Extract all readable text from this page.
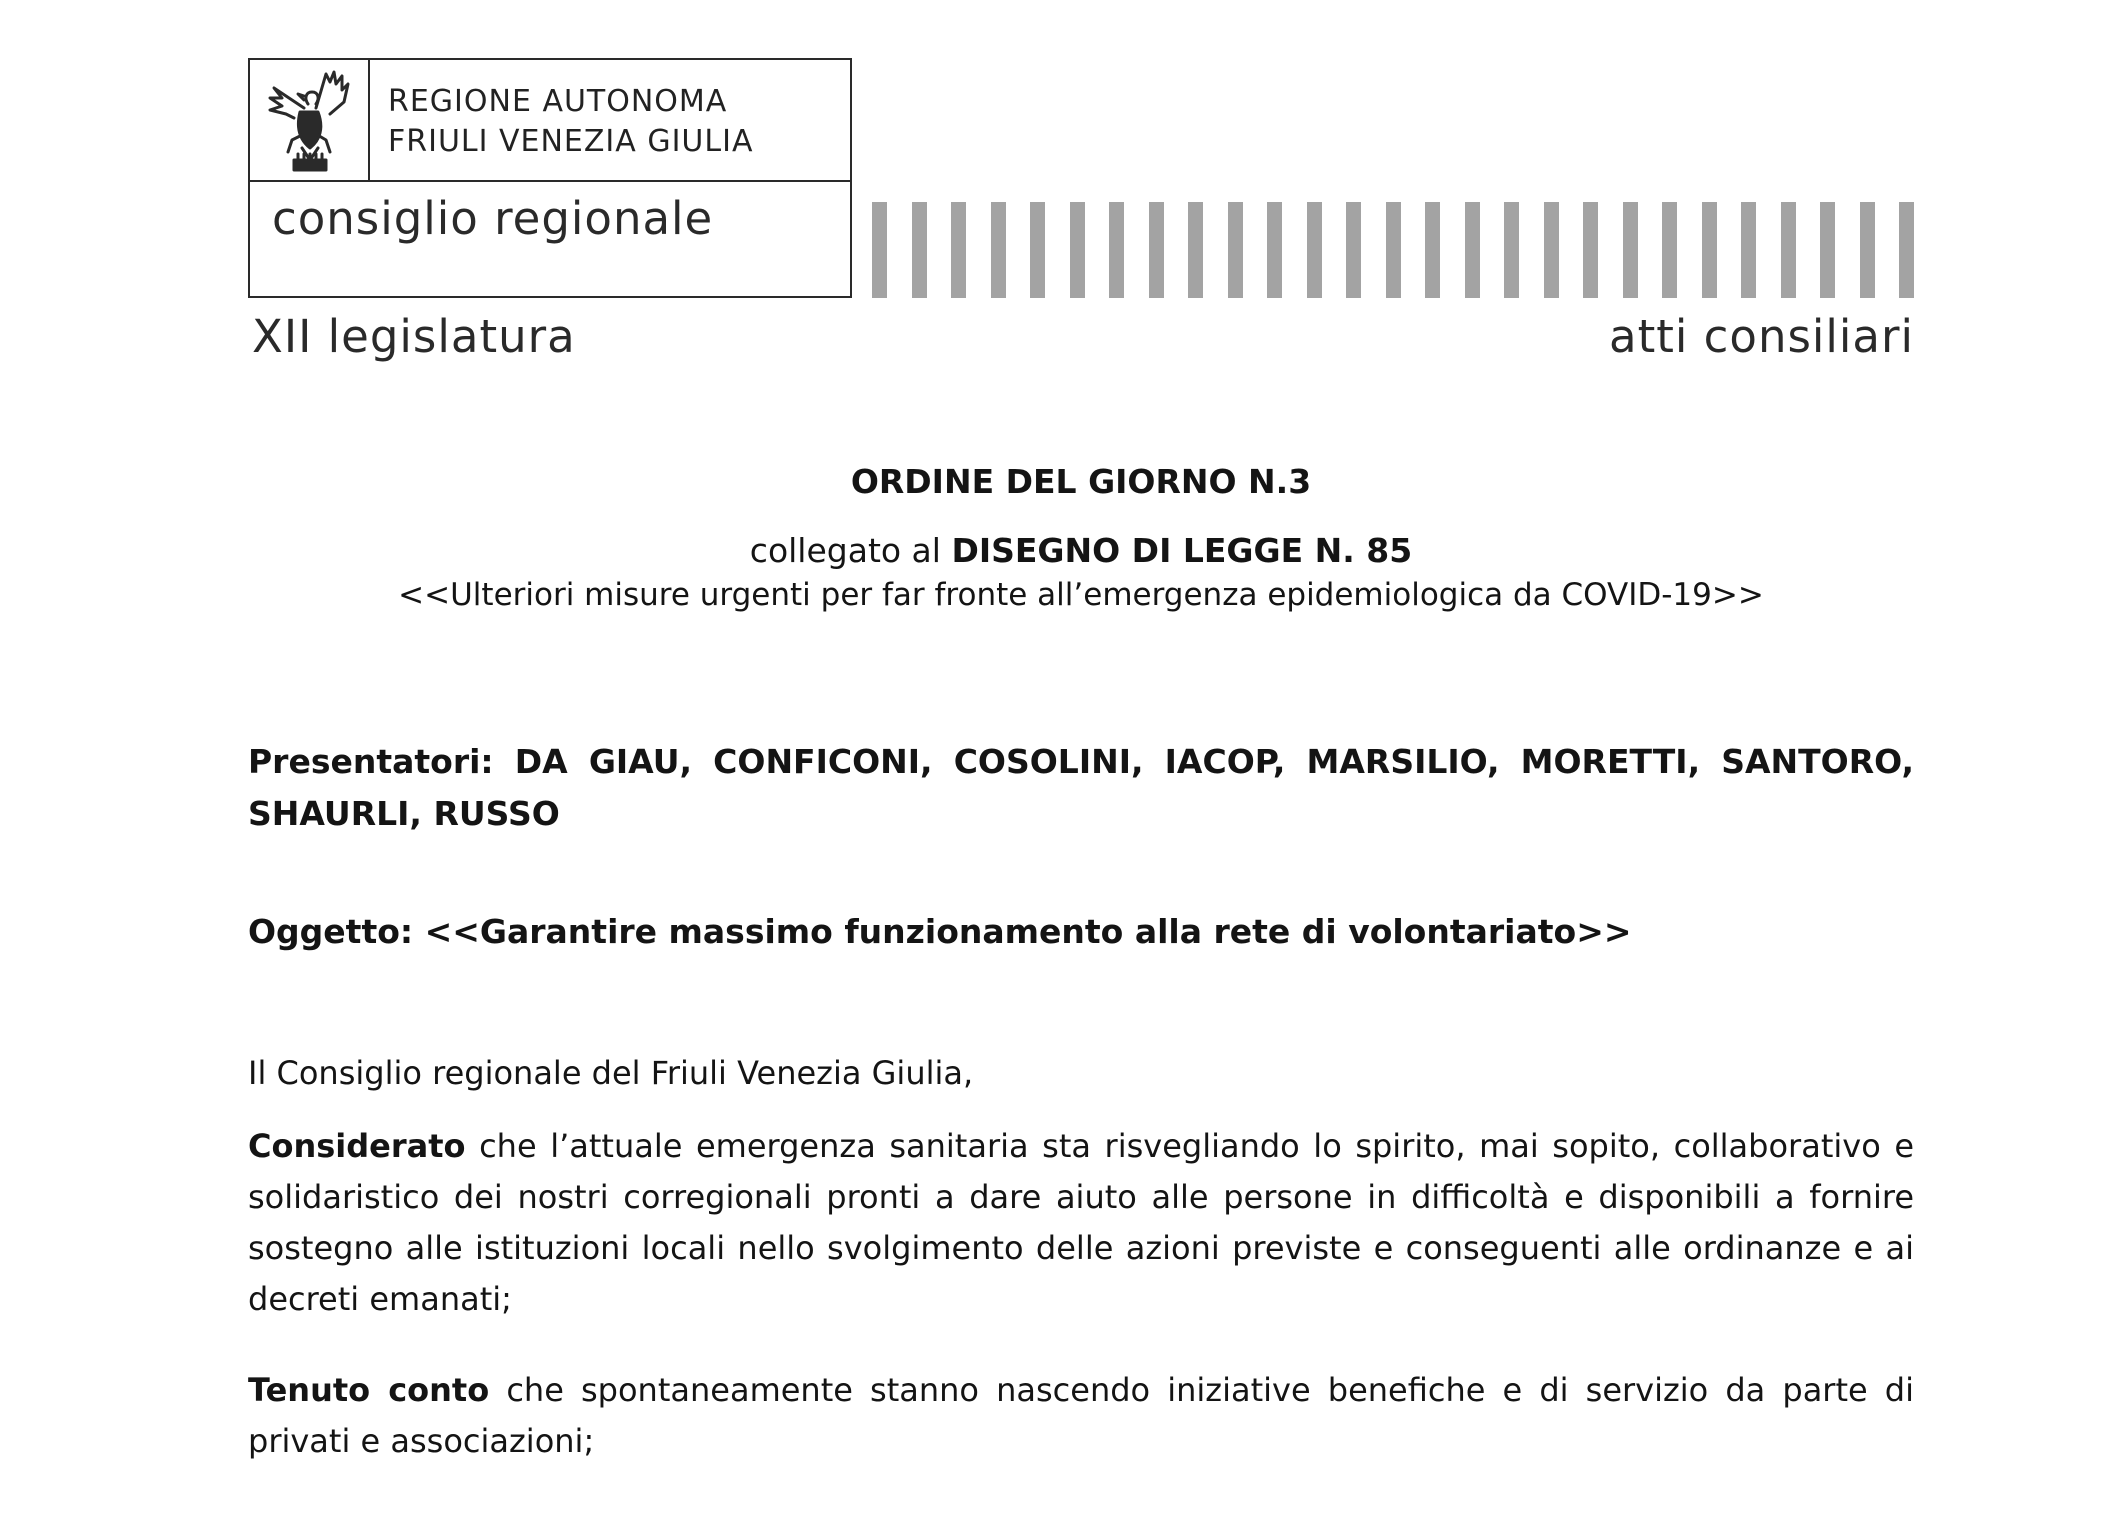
REGIONE AUTONOMA
FRIULI VENEZIA GIULIA
consiglio regionale
XII legislatura	atti consiliari
ORDINE DEL GIORNO N.3
collegato al DISEGNO DI LEGGE N. 85
<<Ulteriori misure urgenti per far fronte all’emergenza epidemiologica da COVID-19>>
Presentatori: DA GIAU, CONFICONI, COSOLINI, IACOP, MARSILIO, MORETTI, SANTORO, SHAURLI, RUSSO
Oggetto: <<Garantire massimo funzionamento alla rete di volontariato>>
Il Consiglio regionale del Friuli Venezia Giulia,
Considerato che l’attuale emergenza sanitaria sta risvegliando lo spirito, mai sopito, collaborativo e solidaristico dei nostri corregionali pronti a dare aiuto alle persone in difficoltà e disponibili a fornire sostegno alle istituzioni locali nello svolgimento delle azioni previste e conseguenti alle ordinanze e ai decreti emanati;
Tenuto conto che spontaneamente stanno nascendo iniziative benefiche e di servizio da parte di privati e associazioni;
